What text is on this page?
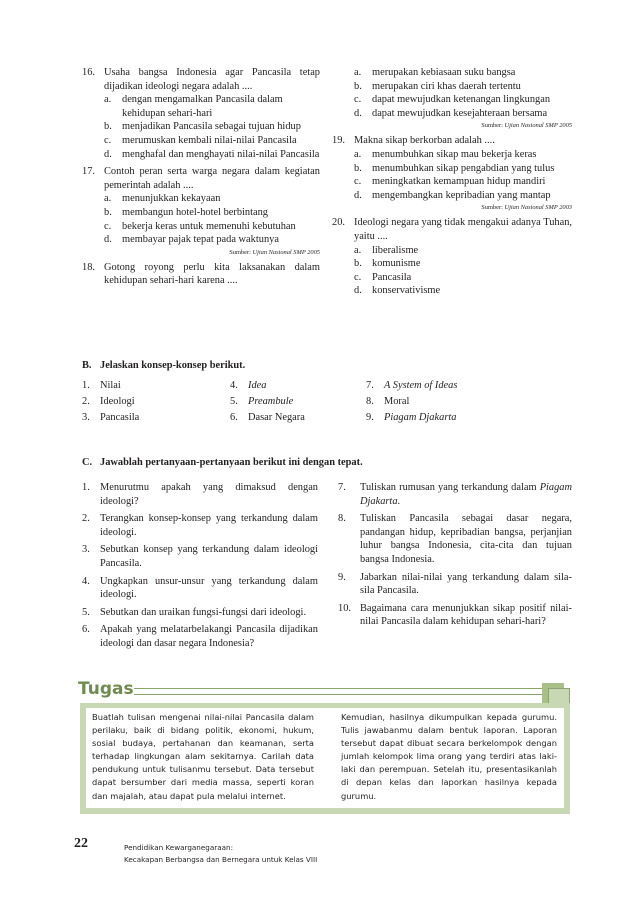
16. Usaha bangsa Indonesia agar Pancasila tetap dijadikan ideologi negara adalah ....
a. dengan mengamalkan Pancasila dalam kehidupan sehari-hari
b. menjadikan Pancasila sebagai tujuan hidup
c. merumuskan kembali nilai-nilai Pancasila
d. menghafal dan menghayati nilai-nilai Pancasila
17. Contoh peran serta warga negara dalam kegiatan pemerintah adalah ....
a. menunjukkan kekayaan
b. membangun hotel-hotel berbintang
c. bekerja keras untuk memenuhi kebutuhan
d. membayar pajak tepat pada waktunya
Sumber: Ujian Nasional SMP 2005
18. Gotong royong perlu kita laksanakan dalam kehidupan sehari-hari karena ....
a. merupakan kebiasaan suku bangsa
b. merupakan ciri khas daerah tertentu
c. dapat mewujudkan ketenangan lingkungan
d. dapat mewujudkan kesejahteraan bersama
Sumber: Ujian Nasional SMP 2005
19. Makna sikap berkorban adalah ....
a. menumbuhkan sikap mau bekerja keras
b. menumbuhkan sikap pengabdian yang tulus
c. meningkatkan kemampuan hidup mandiri
d. mengembangkan kepribadian yang mantap
Sumber: Ujian Nasional SMP 2003
20. Ideologi negara yang tidak mengakui adanya Tuhan, yaitu ....
a. liberalisme
b. komunisme
c. Pancasila
d. konservativisme
B. Jelaskan konsep-konsep berikut.
1. Nilai
2. Ideologi
3. Pancasila
4. Idea
5. Preambule
6. Dasar Negara
7. A System of Ideas
8. Moral
9. Piagam Djakarta
C. Jawablah pertanyaan-pertanyaan berikut ini dengan tepat.
1. Menurutmu apakah yang dimaksud dengan ideologi?
2. Terangkan konsep-konsep yang terkandung dalam ideologi.
3. Sebutkan konsep yang terkandung dalam ideologi Pancasila.
4. Ungkapkan unsur-unsur yang terkandung dalam ideologi.
5. Sebutkan dan uraikan fungsi-fungsi dari ideologi.
6. Apakah yang melatarbelakangi Pancasila dijadikan ideologi dan dasar negara Indonesia?
7. Tuliskan rumusan yang terkandung dalam Piagam Djakarta.
8. Tuliskan Pancasila sebagai dasar negara, pandangan hidup, kepribadian bangsa, perjanjian luhur bangsa Indonesia, cita-cita dan tujuan bangsa Indonesia.
9. Jabarkan nilai-nilai yang terkandung dalam sila-sila Pancasila.
10. Bagaimana cara menunjukkan sikap positif nilai-nilai Pancasila dalam kehidupan sehari-hari?
Tugas
Buatlah tulisan mengenai nilai-nilai Pancasila dalam perilaku, baik di bidang politik, ekonomi, hukum, sosial budaya, pertahanan dan keamanan, serta terhadap lingkungan alam sekitarnya. Carilah data pendukung untuk tulisanmu tersebut. Data tersebut dapat bersumber dari media massa, seperti koran dan majalah, atau dapat pula melalui internet.
Kemudian, hasilnya dikumpulkan kepada gurumu. Tulis jawabanmu dalam bentuk laporan. Laporan tersebut dapat dibuat secara berkelompok dengan jumlah kelompok lima orang yang terdiri atas laki-laki dan perempuan. Setelah itu, presentasikanlah di depan kelas dan laporkan hasilnya kepada gurumu.
22	Pendidikan Kewarganegaraan:
Kecakapan Berbangsa dan Bernegara untuk Kelas VIII
